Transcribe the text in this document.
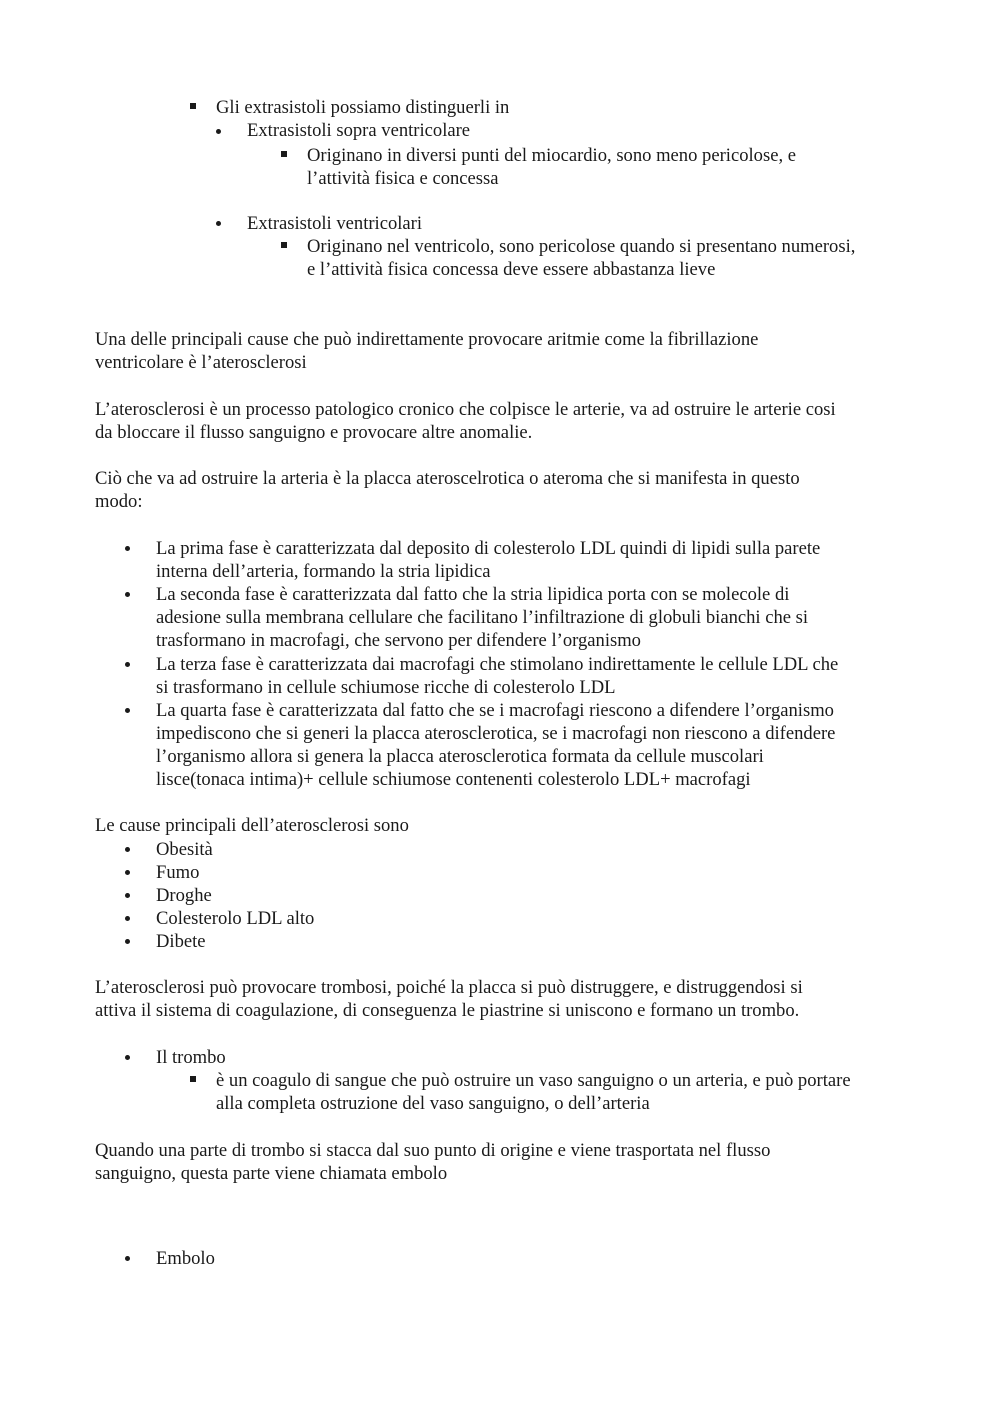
Gli extrasistoli possiamo distinguerli in

Extrasistoli sopra ventricolare

Originano in diversi punti del miocardio, sono meno pericolose, e

l’attività fisica e concessa

Extrasistoli ventricolari

Originano nel ventricolo, sono pericolose quando si presentano numerosi,

e l’attività fisica concessa deve essere abbastanza lieve

Una delle principali cause che può indirettamente provocare aritmie come la fibrillazione

ventricolare è l’aterosclerosi

L’aterosclerosi è un processo patologico cronico che colpisce le arterie, va ad ostruire le arterie cosi

da bloccare il flusso sanguigno e provocare altre anomalie.

Ciò che va ad ostruire la arteria è la placca ateroscelrotica o ateroma che si manifesta in questo

modo:

La prima fase è caratterizzata dal deposito di colesterolo LDL quindi di lipidi sulla parete

interna dell’arteria, formando la stria lipidica

La seconda fase è caratterizzata dal fatto che la stria lipidica porta con se molecole di

adesione sulla membrana cellulare che facilitano l’infiltrazione di globuli bianchi che si

trasformano in macrofagi, che servono per difendere l’organismo

La terza fase è caratterizzata dai macrofagi che stimolano indirettamente le cellule LDL che

si trasformano in cellule schiumose ricche di colesterolo LDL

La quarta fase è caratterizzata dal fatto che se i macrofagi riescono a difendere l’organismo

impediscono che si generi la placca aterosclerotica, se i macrofagi non riescono a difendere

l’organismo allora si genera la placca aterosclerotica formata da cellule muscolari

lisce(tonaca intima)+ cellule schiumose contenenti colesterolo LDL+ macrofagi

Le cause principali dell’aterosclerosi sono

Obesità

Fumo

Droghe

Colesterolo LDL alto

Dibete

L’aterosclerosi può provocare trombosi, poiché la placca si può distruggere, e distruggendosi si

attiva il sistema di coagulazione, di conseguenza le piastrine si uniscono e formano un trombo.

Il trombo

è un coagulo di sangue che può ostruire un vaso sanguigno o un arteria, e può portare

alla completa ostruzione del vaso sanguigno, o dell’arteria

Quando una parte di trombo si stacca dal suo punto di origine e viene trasportata nel flusso

sanguigno, questa parte viene chiamata embolo

Embolo
